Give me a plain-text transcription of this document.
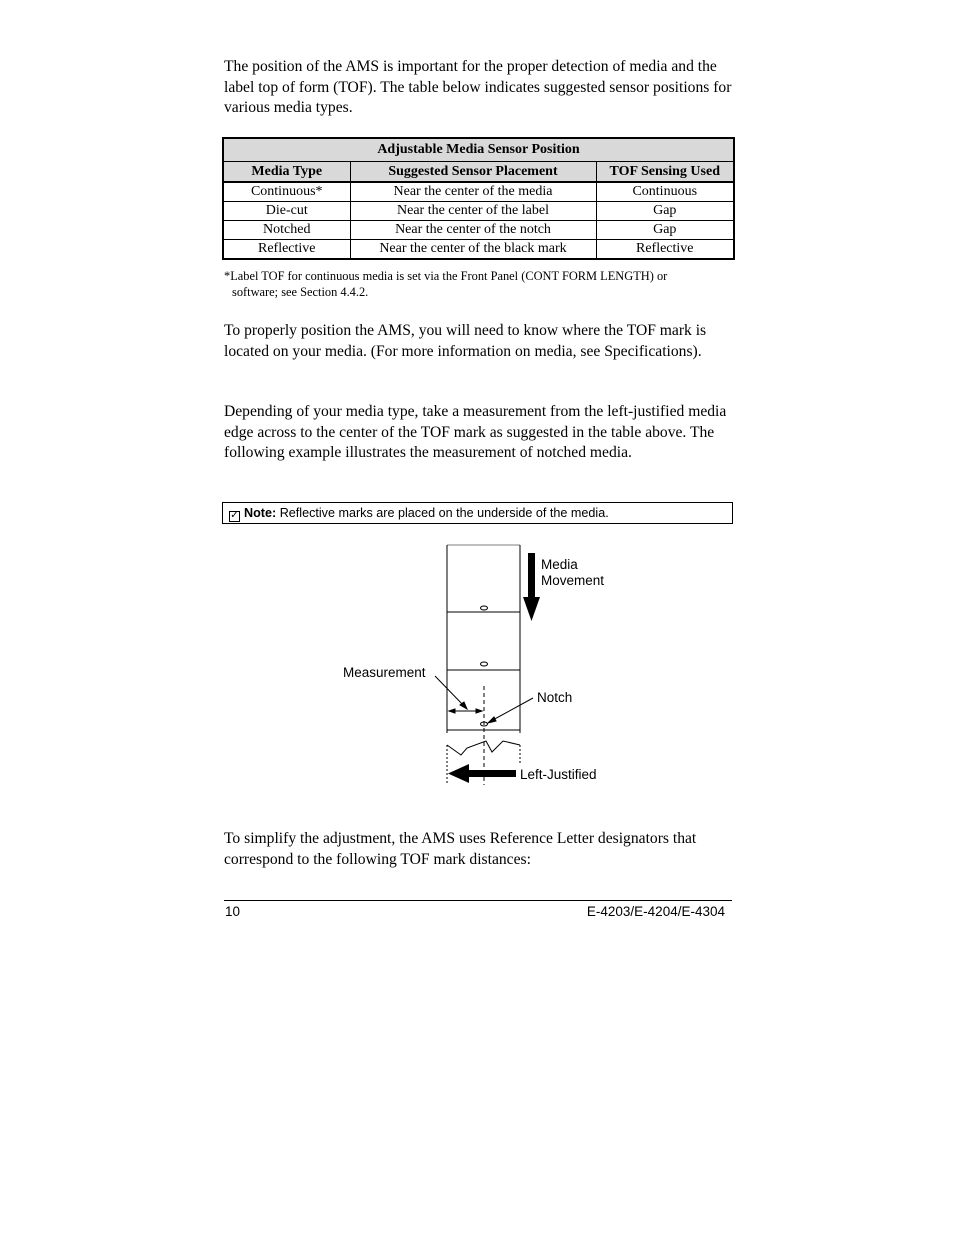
The position of the AMS is important for the proper detection of media and the label top of form (TOF). The table below indicates suggested sensor positions for various media types.

Adjustable Media Sensor Position		
Media Type	Suggested Sensor Placement	TOF Sensing Used
Continuous*	Near the center of the media	Continuous
Die-cut	Near the center of the label	Gap
Notched	Near the center of the notch	Gap
Reflective	Near the center of the black mark	Reflective
*Label TOF for continuous media is set via the Front Panel (CONT FORM LENGTH) or
software; see Section 4.4.2.

To properly position the AMS, you will need to know where the TOF mark is located on your media. (For more information on media, see Specifications).

Depending of your media type, take a measurement from the left-justified media edge across to the center of the TOF mark as suggested in the table above. The following example illustrates the measurement of notched media.

✓ Note: Reflective marks are placed on the underside of the media.
Media
Movement
Measurement
Notch
Left-Justified

To simplify the adjustment, the AMS uses Reference Letter designators that correspond to the following TOF mark distances:

10	E-4203/E-4204/E-4304
